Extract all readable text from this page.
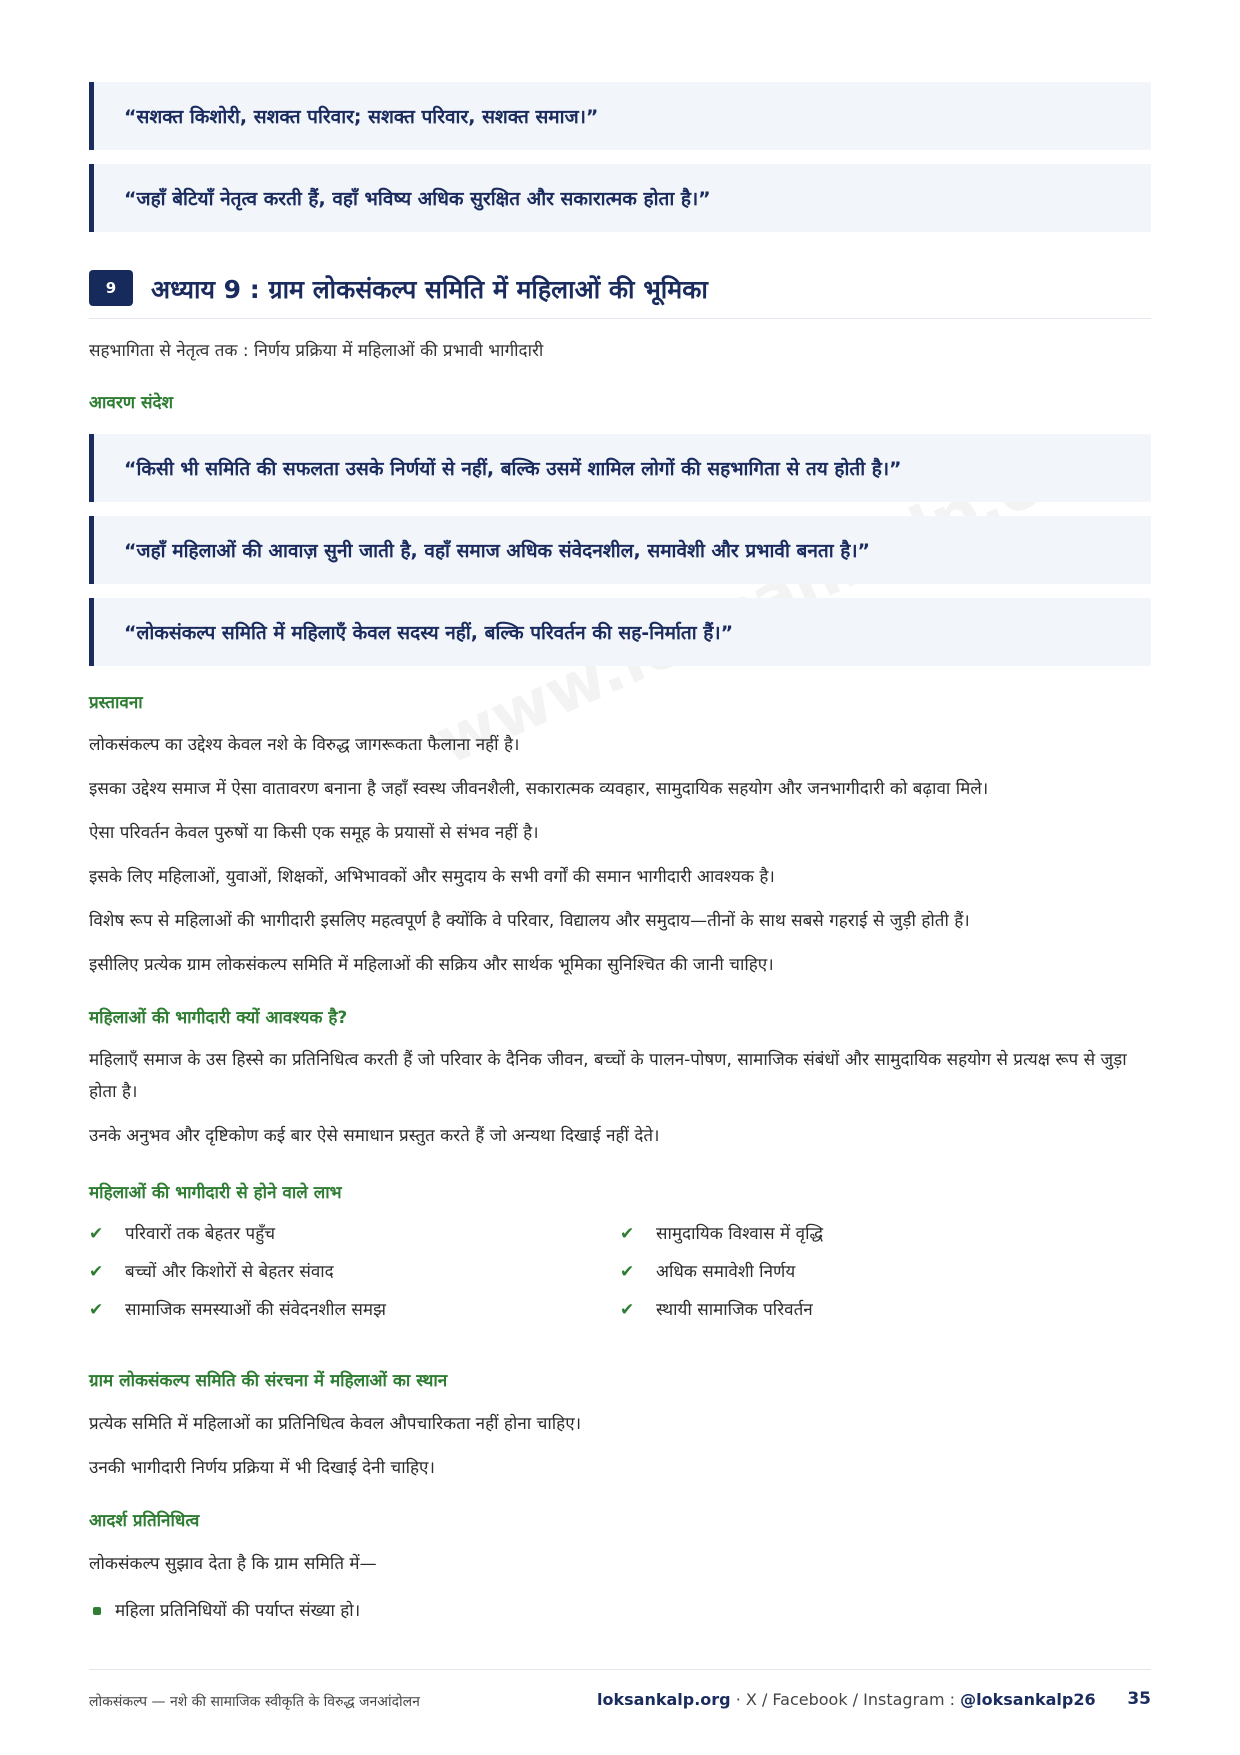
“सशक्त किशोरी, सशक्त परिवार; सशक्त परिवार, सशक्त समाज।”
“जहाँ बेटियाँ नेतृत्व करती हैं, वहाँ भविष्य अधिक सुरक्षित और सकारात्मक होता है।”
9	अध्याय 9 : ग्राम लोकसंकल्प समिति में महिलाओं की भूमिका
सहभागिता से नेतृत्व तक : निर्णय प्रक्रिया में महिलाओं की प्रभावी भागीदारी
आवरण संदेश
“किसी भी समिति की सफलता उसके निर्णयों से नहीं, बल्कि उसमें शामिल लोगों की सहभागिता से तय होती है।”
“जहाँ महिलाओं की आवाज़ सुनी जाती है, वहाँ समाज अधिक संवेदनशील, समावेशी और प्रभावी बनता है।”
“लोकसंकल्प समिति में महिलाएँ केवल सदस्य नहीं, बल्कि परिवर्तन की सह-निर्माता हैं।”
प्रस्तावना
लोकसंकल्प का उद्देश्य केवल नशे के विरुद्ध जागरूकता फैलाना नहीं है।
इसका उद्देश्य समाज में ऐसा वातावरण बनाना है जहाँ स्वस्थ जीवनशैली, सकारात्मक व्यवहार, सामुदायिक सहयोग और जनभागीदारी को बढ़ावा मिले।
ऐसा परिवर्तन केवल पुरुषों या किसी एक समूह के प्रयासों से संभव नहीं है।
इसके लिए महिलाओं, युवाओं, शिक्षकों, अभिभावकों और समुदाय के सभी वर्गों की समान भागीदारी आवश्यक है।
विशेष रूप से महिलाओं की भागीदारी इसलिए महत्वपूर्ण है क्योंकि वे परिवार, विद्यालय और समुदाय—तीनों के साथ सबसे गहराई से जुड़ी होती हैं।
इसीलिए प्रत्येक ग्राम लोकसंकल्प समिति में महिलाओं की सक्रिय और सार्थक भूमिका सुनिश्चित की जानी चाहिए।
महिलाओं की भागीदारी क्यों आवश्यक है?
महिलाएँ समाज के उस हिस्से का प्रतिनिधित्व करती हैं जो परिवार के दैनिक जीवन, बच्चों के पालन-पोषण, सामाजिक संबंधों और सामुदायिक सहयोग से प्रत्यक्ष रूप से जुड़ा होता है।
उनके अनुभव और दृष्टिकोण कई बार ऐसे समाधान प्रस्तुत करते हैं जो अन्यथा दिखाई नहीं देते।
महिलाओं की भागीदारी से होने वाले लाभ
✔ परिवारों तक बेहतर पहुँच
✔ बच्चों और किशोरों से बेहतर संवाद
✔ सामाजिक समस्याओं की संवेदनशील समझ
✔ सामुदायिक विश्वास में वृद्धि
✔ अधिक समावेशी निर्णय
✔ स्थायी सामाजिक परिवर्तन
ग्राम लोकसंकल्प समिति की संरचना में महिलाओं का स्थान
प्रत्येक समिति में महिलाओं का प्रतिनिधित्व केवल औपचारिकता नहीं होना चाहिए।
उनकी भागीदारी निर्णय प्रक्रिया में भी दिखाई देनी चाहिए।
आदर्श प्रतिनिधित्व
लोकसंकल्प सुझाव देता है कि ग्राम समिति में—
महिला प्रतिनिधियों की पर्याप्त संख्या हो।
लोकसंकल्प — नशे की सामाजिक स्वीकृति के विरुद्ध जनआंदोलन	loksankalp.org · X / Facebook / Instagram : @loksankalp26 35
